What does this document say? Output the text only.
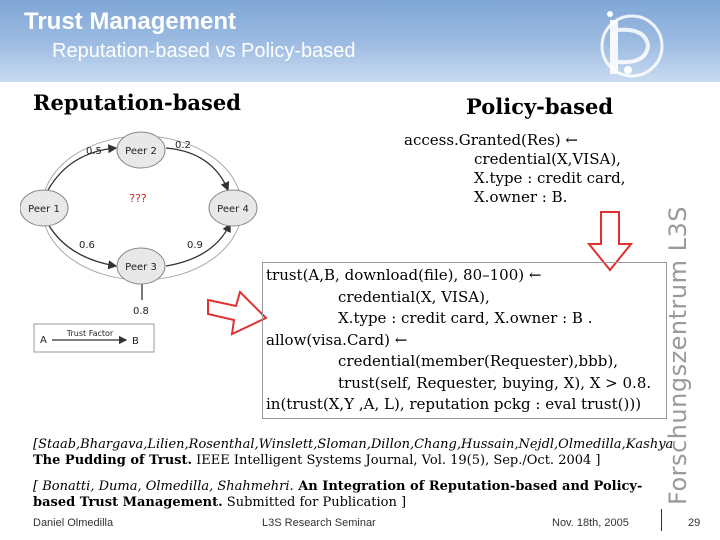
Trust Management
Reputation-based vs Policy-based
Forschungszentrum L3S
Reputation-based	Policy-based
Peer 2
Peer 1	Peer 4
Peer 3
???
0.5
0.2
0.6	0.9
0.8
A
Trust Factor
B
access.Granted(Res) ←
credential(X,VISA),
X.type : credit card,
X.owner : B.
trust(A,B, download(file), 80–100) ←
credential(X, VISA),
X.type : credit card, X.owner : B .
allow(visa.Card) ←
credential(member(Requester),bbb),
trust(self, Requester, buying, X), X > 0.8.
in(trust(X,Y ,A, L), reputation pckg : eval trust()))
[Staab,Bhargava,Lilien,Rosenthal,Winslett,Sloman,Dillon,Chang,Hussain,Nejdl,Olmedilla,Kashya
The Pudding of Trust. IEEE Intelligent Systems Journal, Vol. 19(5), Sep./Oct. 2004 ]
[ Bonatti, Duma, Olmedilla, Shahmehri. An Integration of Reputation-based and Policy-based Trust Management. Submitted for Publication ]
Daniel Olmedilla	L3S Research Seminar	Nov. 18th, 2005	29
